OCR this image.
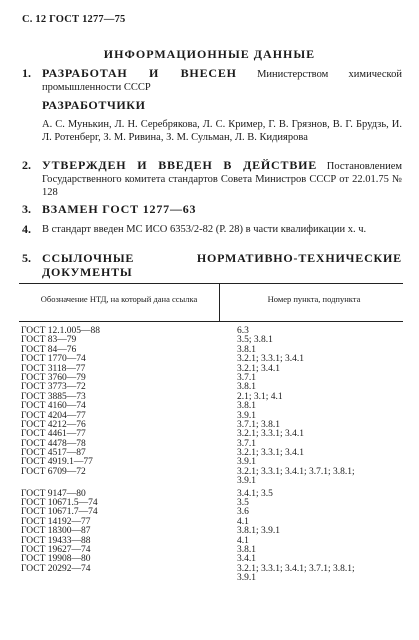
С. 12 ГОСТ 1277—75
ИНФОРМАЦИОННЫЕ ДАННЫЕ
1. РАЗРАБОТАН И ВНЕСЕН Министерством химической промышленности СССР
РАЗРАБОТЧИКИ
А. С. Мунькин, Л. Н. Серебрякова, Л. С. Кример, Г. В. Грязнов, В. Г. Брудзь, И. Л. Ротенберг, З. М. Ривина, З. М. Сульман, Л. В. Кидиярова
2. УТВЕРЖДЕН И ВВЕДЕН В ДЕЙСТВИЕ Постановлением Государственного комитета стандартов Совета Министров СССР от 22.01.75 № 128
3. ВЗАМЕН ГОСТ 1277—63
4. В стандарт введен МС ИСО 6353/2-82 (Р. 28) в части квалификации х. ч.
5. ССЫЛОЧНЫЕ НОРМАТИВНО-ТЕХНИЧЕСКИЕ ДОКУМЕНТЫ
Обозначение НТД, на который дана ссылка	Номер пункта, подпункта
ГОСТ 12.1.005—88	6.3
ГОСТ 83—79	3.5; 3.8.1
ГОСТ 84—76	3.8.1
ГОСТ 1770—74	3.2.1; 3.3.1; 3.4.1
ГОСТ 3118—77	3.2.1; 3.4.1
ГОСТ 3760—79	3.7.1
ГОСТ 3773—72	3.8.1
ГОСТ 3885—73	2.1; 3.1; 4.1
ГОСТ 4160—74	3.8.1
ГОСТ 4204—77	3.9.1
ГОСТ 4212—76	3.7.1; 3.8.1
ГОСТ 4461—77	3.2.1; 3.3.1; 3.4.1
ГОСТ 4478—78	3.7.1
ГОСТ 4517—87	3.2.1; 3.3.1; 3.4.1
ГОСТ 4919.1—77	3.9.1
ГОСТ 6709—72	3.2.1; 3.3.1; 3.4.1; 3.7.1; 3.8.1;
3.9.1
ГОСТ 9147—80	3.4.1; 3.5
ГОСТ 10671.5—74	3.5
ГОСТ 10671.7—74	3.6
ГОСТ 14192—77	4.1
ГОСТ 18300—87	3.8.1; 3.9.1
ГОСТ 19433—88	4.1
ГОСТ 19627—74	3.8.1
ГОСТ 19908—80	3.4.1
ГОСТ 20292—74	3.2.1; 3.3.1; 3.4.1; 3.7.1; 3.8.1;
3.9.1
